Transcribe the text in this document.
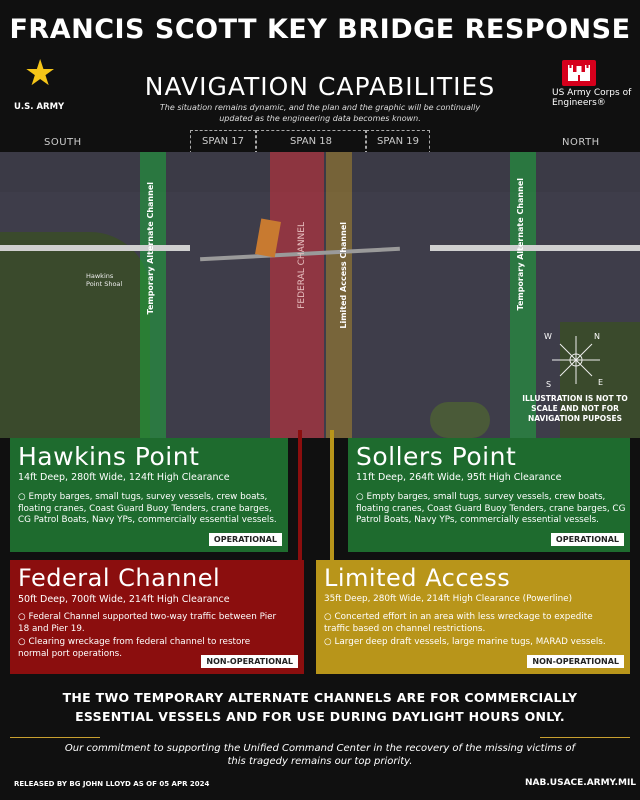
FRANCIS SCOTT KEY BRIDGE RESPONSE
NAVIGATION CAPABILITIES
The situation remains dynamic, and the plan and the graphic will be continually updated as the engineering data becomes known.
★
U.S. ARMY
US Army Corps of Engineers®
SOUTH	NORTH
SPAN 17	SPAN 18	SPAN 19
Temporary Alternate Channel	Temporary Alternate Channel
FEDERAL CHANNEL	Limited Access Channel
Hawkins Point Shoal
N
E
S
W
ILLUSTRATION IS NOT TO SCALE AND NOT FOR NAVIGATION PUPOSES
Hawkins Point
14ft Deep, 280ft Wide, 124ft High Clearance
○ Empty barges, small tugs, survey vessels, crew boats, floating cranes, Coast Guard Buoy Tenders, crane barges, CG Patrol Boats, Navy YPs, commercially essential vessels.
OPERATIONAL
Sollers Point
11ft Deep, 264ft Wide, 95ft High Clearance
○ Empty barges, small tugs, survey vessels, crew boats, floating cranes, Coast Guard Buoy Tenders, crane barges, CG Patrol Boats, Navy YPs, commercially essential vessels.
OPERATIONAL
Federal Channel
50ft Deep, 700ft Wide, 214ft High Clearance
○ Federal Channel supported two-way traffic between Pier 18 and Pier 19.
○ Clearing wreckage from federal channel to restore normal port operations.
NON-OPERATIONAL
Limited Access
35ft Deep, 280ft Wide, 214ft High Clearance (Powerline)
○ Concerted effort in an area with less wreckage to expedite traffic based on channel restrictions.
○ Larger deep draft vessels, large marine tugs, MARAD vessels.
NON-OPERATIONAL
THE TWO TEMPORARY ALTERNATE CHANNELS ARE FOR COMMERCIALLY ESSENTIAL VESSELS AND FOR USE DURING DAYLIGHT HOURS ONLY.
Our commitment to supporting the Unified Command Center in the recovery of the missing victims of this tragedy remains our top priority.
RELEASED BY BG JOHN LLOYD AS OF 05 APR 2024	NAB.USACE.ARMY.MIL
